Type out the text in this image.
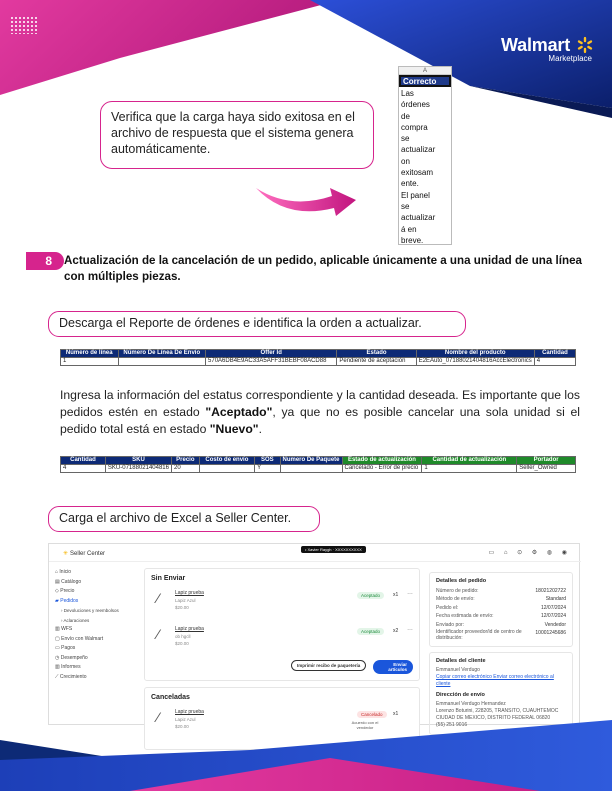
Walmart
Marketplace
A
Correcto
Las
órdenes
de
compra
se
actualizar
on
exitosam
ente.
El panel
se
actualizar
á en
breve.
Verifica que la carga haya sido exitosa en el archivo de respuesta que el sistema genera automáticamente.
8	Actualización de la cancelación de un pedido, aplicable únicamente a una unidad de una línea con múltiples piezas.
Descarga el Reporte de órdenes e identifica la orden a actualizar.
Número de línea	Número De Línea De Envío	Offer Id	Estado	Nombre del producto	Cantidad
1		570A6DB4E9AC33A5AFF31BEBF08ACD88	Pendiente de aceptación	E2EAuto_07188021404816AccElectronics	4
Ingresa la información del estatus correspondiente y la cantidad deseada. Es importante que los pedidos estén en estado "Aceptado", ya que no es posible cancelar una sola unidad si el pedido total está en estado "Nuevo".
Cantidad	SKU	Precio	Costo de envío	SOS	Numero De Paquete	Estado de actualización	Cantidad de actualización	Portador
4	SKU-07188021404816	20		Y		Cancelado - Error de precio	1	Seller_Owned
Carga el archivo de Excel a Seller Center.
✳ Seller Center
• Xavier Raygh · XXXXXXXXXX
▭ ⌂ ⊙ ⚙ ◍ ◉
⌂ Inicio
▤ Catálogo
◇ Precio
▰ Pedidos
› Devoluciones y reembolsos
› Aclaraciones
▥ WFS
▢ Envío con Walmart
▭ Pagos
◷ Desempeño
▥ Informes
⟋ Crecimiento
Sin Enviar
⁄	Lapiz prueba
Lapiz Azul
$20.00
Aceptado	x1 …
⁄	Lapiz prueba
ob hgcll
$20.00
Aceptado	x2 …
Imprimir recibo de paquetería	Enviar artículos
Canceladas
⁄	Lapiz prueba
Lapiz Azul
$20.00
Cancelado	x1
Acuerdo con el vendedor
Detalles del pedido
Número de pedido:	18021202722
Método de envío:	Standard
Pedido el:	12/07/2024
Fecha estimada de envío:	12/07/2024
Enviado por:	Vendedor
Identificador proveedor/id de centro de distribución:
10001245686
Detalles del cliente
Emmanuel Verdugo
Copiar correo electrónico Enviar correo electrónico al cliente
Dirección de envío
Emmanuel Verdugo Hernandez
Lorenzo Boturini, 228205, TRANSITO, CUAUHTEMOC
CIUDAD DE MEXICO, DISTRITO FEDERAL 06820
(55) 251 9016
